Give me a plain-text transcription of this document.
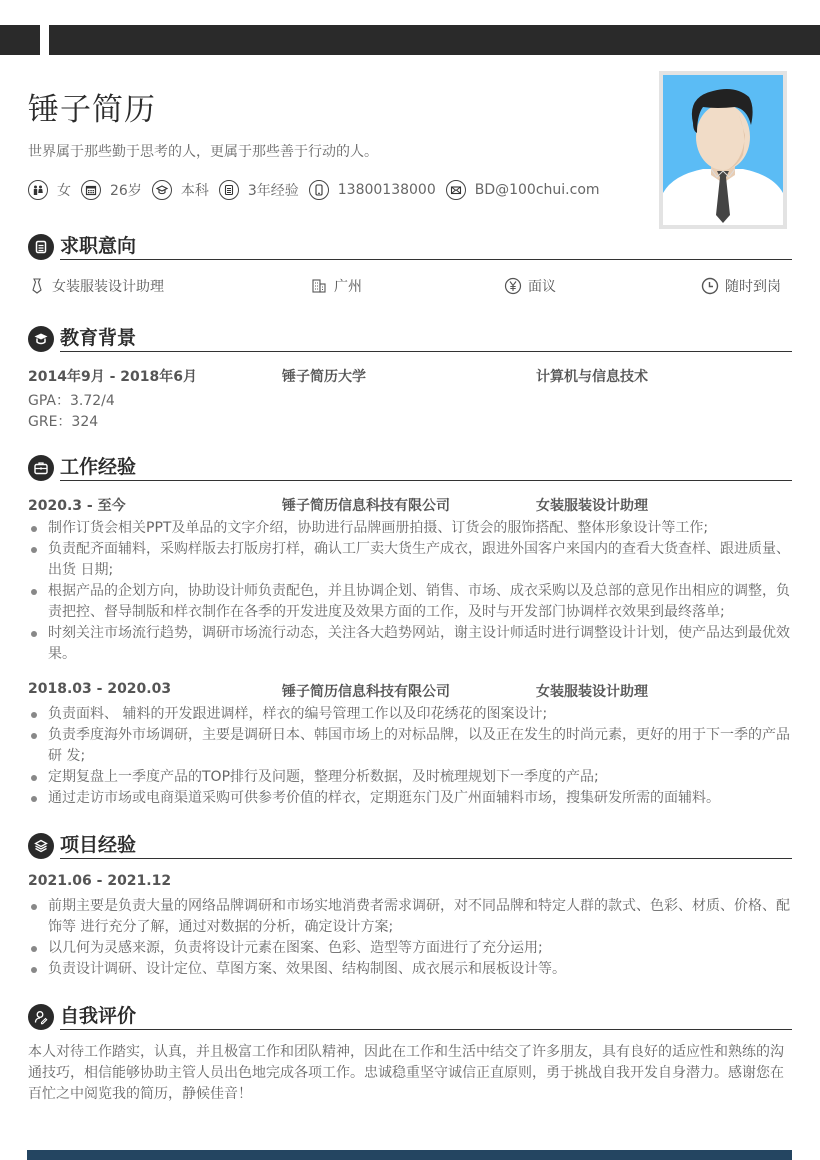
锤子简历
世界属于那些勤于思考的人，更属于那些善于行动的人。
女	26岁	本科	3年经验	13800138000	BD@100chui.com
求职意向
女装服装设计助理	广州	面议	随时到岗
教育背景
2014年9月 - 2018年6月	锤子简历大学	计算机与信息技术
GPA：3.72/4
GRE：324
工作经验
2020.3 - 至今	锤子简历信息科技有限公司	女装服装设计助理
制作订货会相关PPT及单品的文字介绍，协助进行品牌画册拍摄、订货会的服饰搭配、整体形象设计等工作;
负责配齐面辅料，采购样版去打版房打样，确认工厂卖大货生产成衣，跟进外国客户来国内的查看大货查样、跟进质量、出货 日期;
根据产品的企划方向，协助设计师负责配色，并且协调企划、销售、市场、成衣采购以及总部的意见作出相应的调整，负责把控、督导制版和样衣制作在各季的开发进度及效果方面的工作，及时与开发部门协调样衣效果到最终落单;
时刻关注市场流行趋势，调研市场流行动态，关注各大趋势网站，谢主设计师适时进行调整设计计划，使产品达到最优效果。
2018.03 - 2020.03	锤子简历信息科技有限公司	女装服装设计助理
负责面料、 辅料的开发跟进调样，样衣的编号管理工作以及印花绣花的图案设计;
负责季度海外市场调研，主要是调研日本、韩国市场上的对标品牌，以及正在发生的时尚元素，更好的用于下一季的产品研 发;
定期复盘上一季度产品的TOP排行及问题，整理分析数据，及时梳理规划下一季度的产品;
通过走访市场或电商渠道采购可供参考价值的样衣，定期逛东门及广州面辅料市场，搜集研发所需的面辅料。
项目经验
2021.06 - 2021.12
前期主要是负责大量的网络品牌调研和市场实地消费者需求调研，对不同品牌和特定人群的款式、色彩、材质、价格、配饰等 进行充分了解，通过对数据的分析，确定设计方案;
以几何为灵感来源，负责将设计元素在图案、色彩、造型等方面进行了充分运用;
负责设计调研、设计定位、草图方案、效果图、结构制图、成衣展示和展板设计等。
自我评价
本人对待工作踏实，认真，并且极富工作和团队精神，因此在工作和生活中结交了许多朋友，具有良好的适应性和熟练的沟通技巧，相信能够协助主管人员出色地完成各项工作。忠诚稳重坚守诚信正直原则，勇于挑战自我开发自身潜力。感谢您在百忙之中阅览我的简历，静候佳音！
